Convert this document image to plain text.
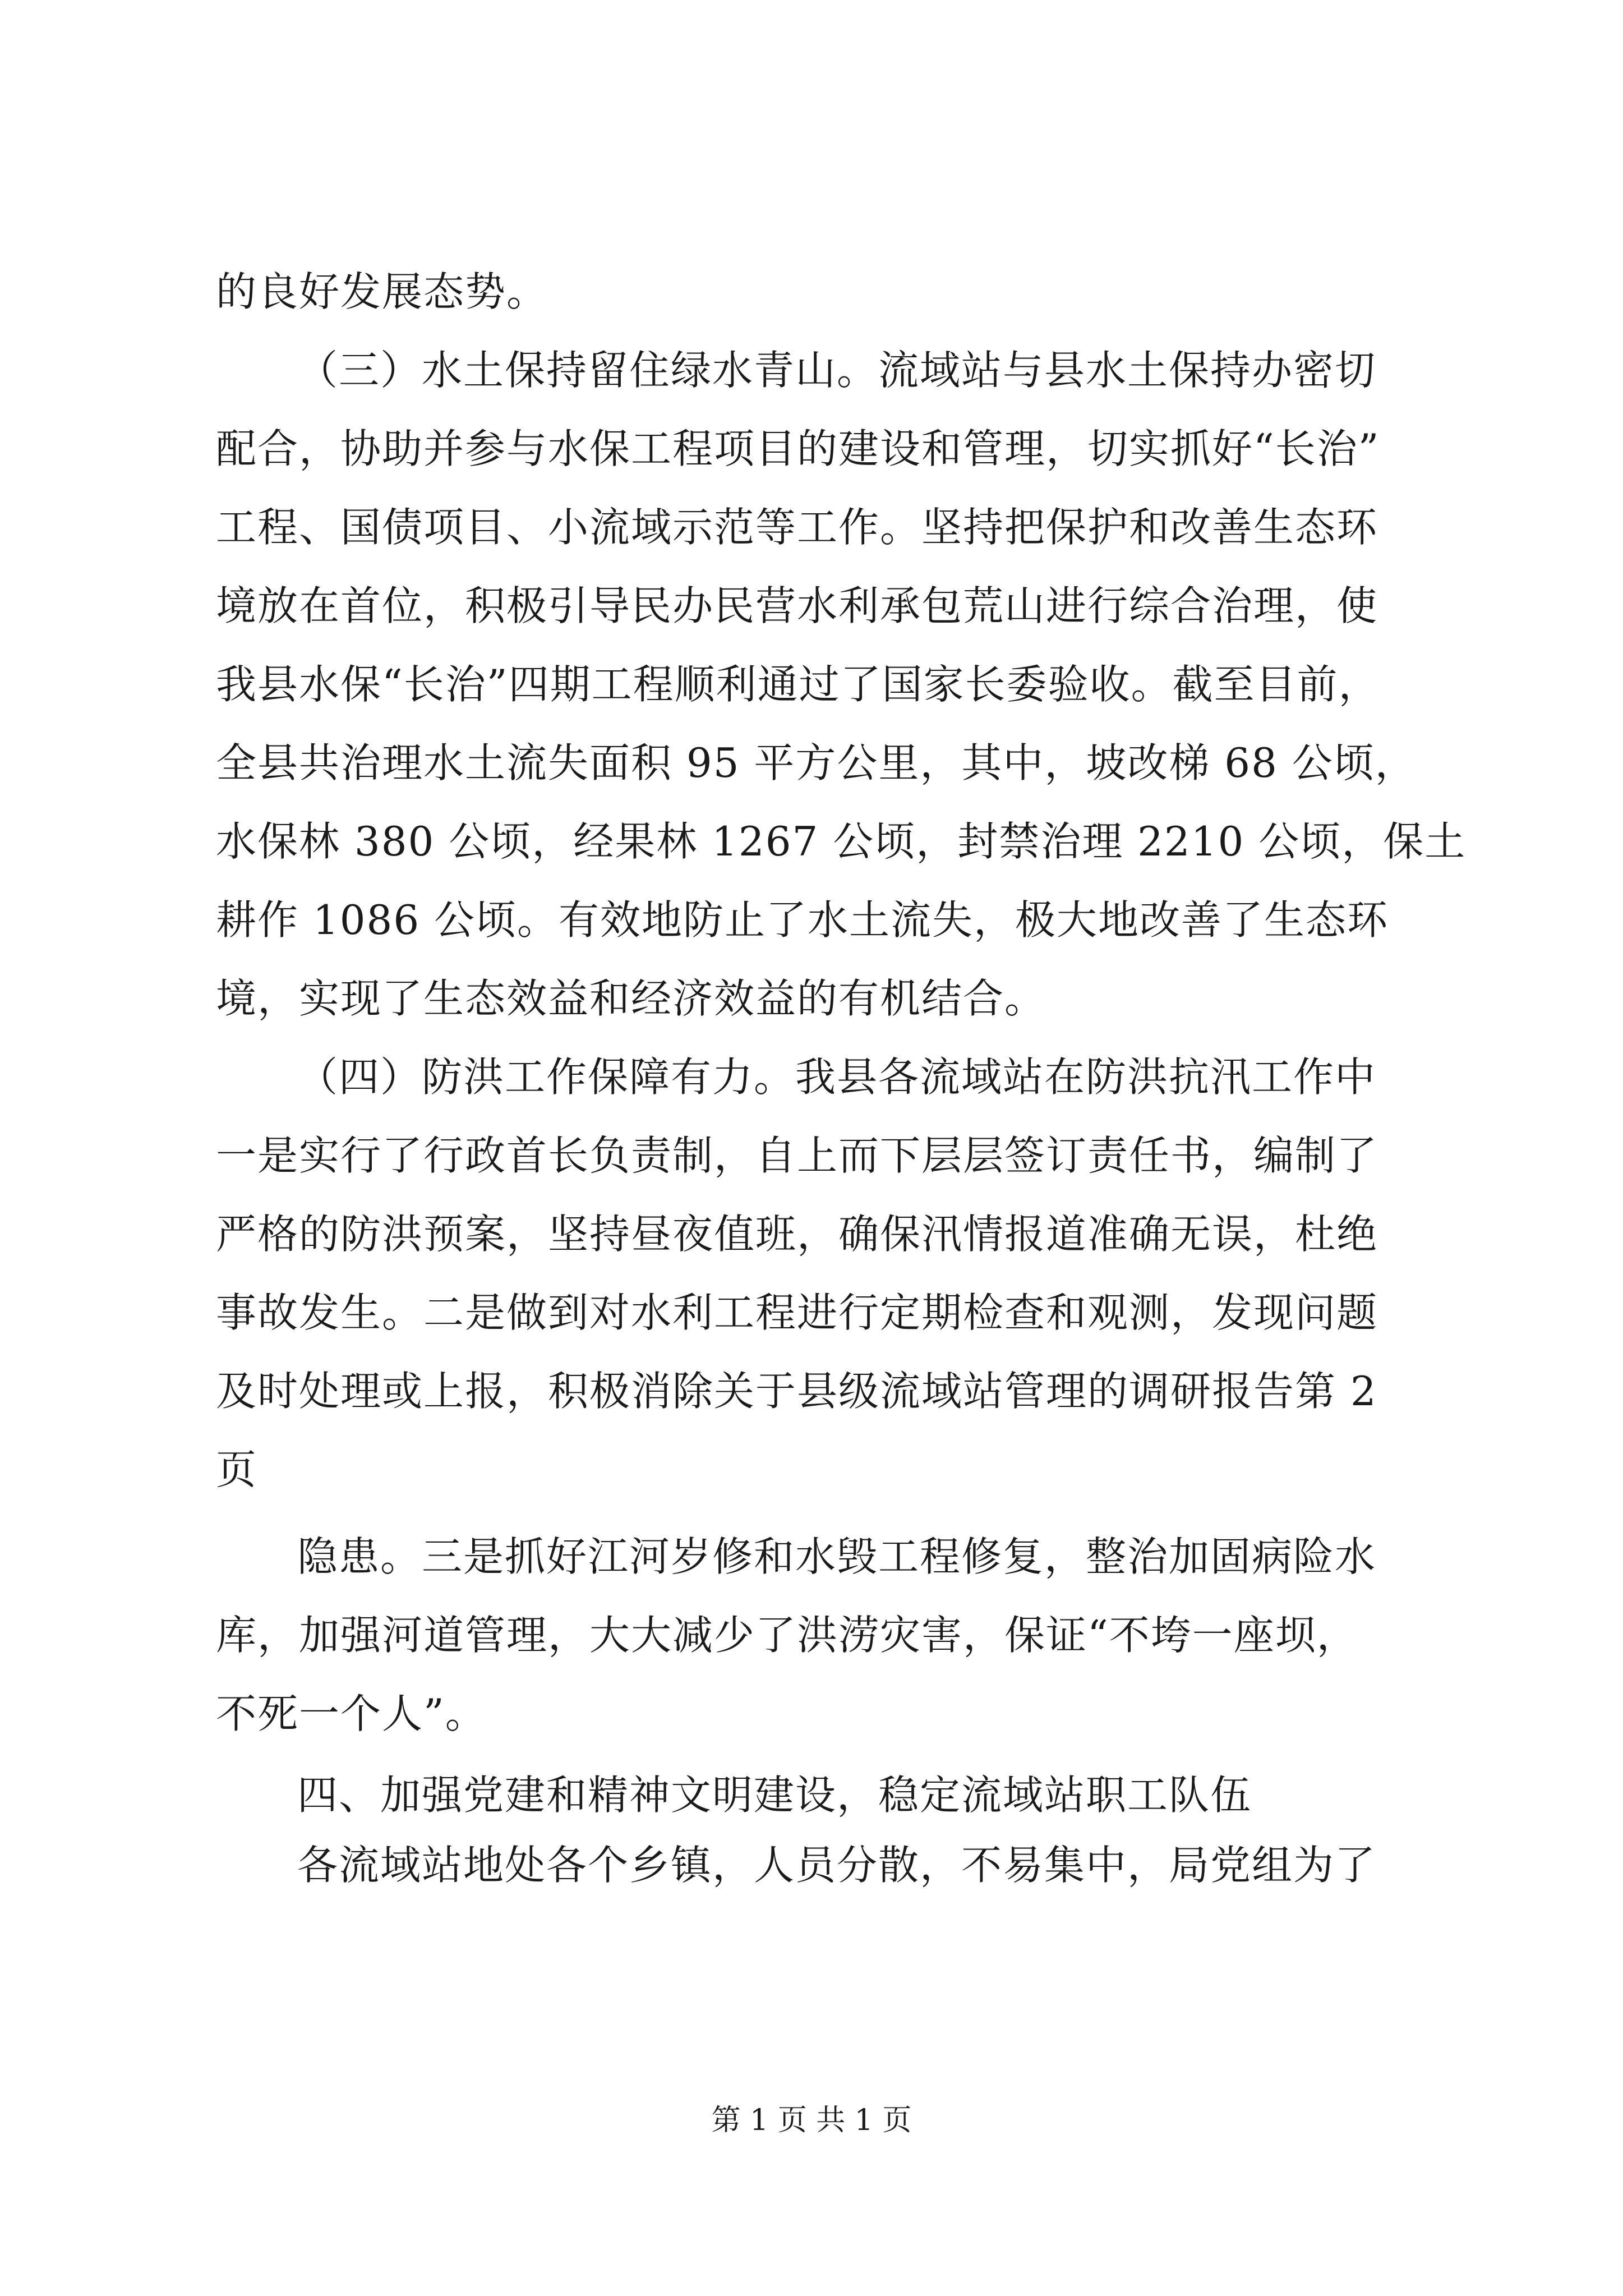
的良好发展态势。
（三）水土保持留住绿水青山。流域站与县水土保持办密切
配合，协助并参与水保工程项目的建设和管理，切实抓好“长治”
工程、国债项目、小流域示范等工作。坚持把保护和改善生态环
境放在首位，积极引导民办民营水利承包荒山进行综合治理，使
我县水保“长治”四期工程顺利通过了国家长委验收。截至目前，
全县共治理水土流失面积 95 平方公里，其中，坡改梯 68 公顷，
水保林 380 公顷，经果林 1267 公顷，封禁治理 2210 公顷，保土
耕作 1086 公顷。有效地防止了水土流失，极大地改善了生态环
境，实现了生态效益和经济效益的有机结合。
（四）防洪工作保障有力。我县各流域站在防洪抗汛工作中
一是实行了行政首长负责制，自上而下层层签订责任书，编制了
严格的防洪预案，坚持昼夜值班，确保汛情报道准确无误，杜绝
事故发生。二是做到对水利工程进行定期检查和观测，发现问题
及时处理或上报，积极消除关于县级流域站管理的调研报告第 2
页
隐患。三是抓好江河岁修和水毁工程修复，整治加固病险水
库，加强河道管理，大大减少了洪涝灾害，保证“不垮一座坝，
不死一个人”。
四、加强党建和精神文明建设，稳定流域站职工队伍
各流域站地处各个乡镇，人员分散，不易集中，局党组为了
第 1 页 共 1 页
